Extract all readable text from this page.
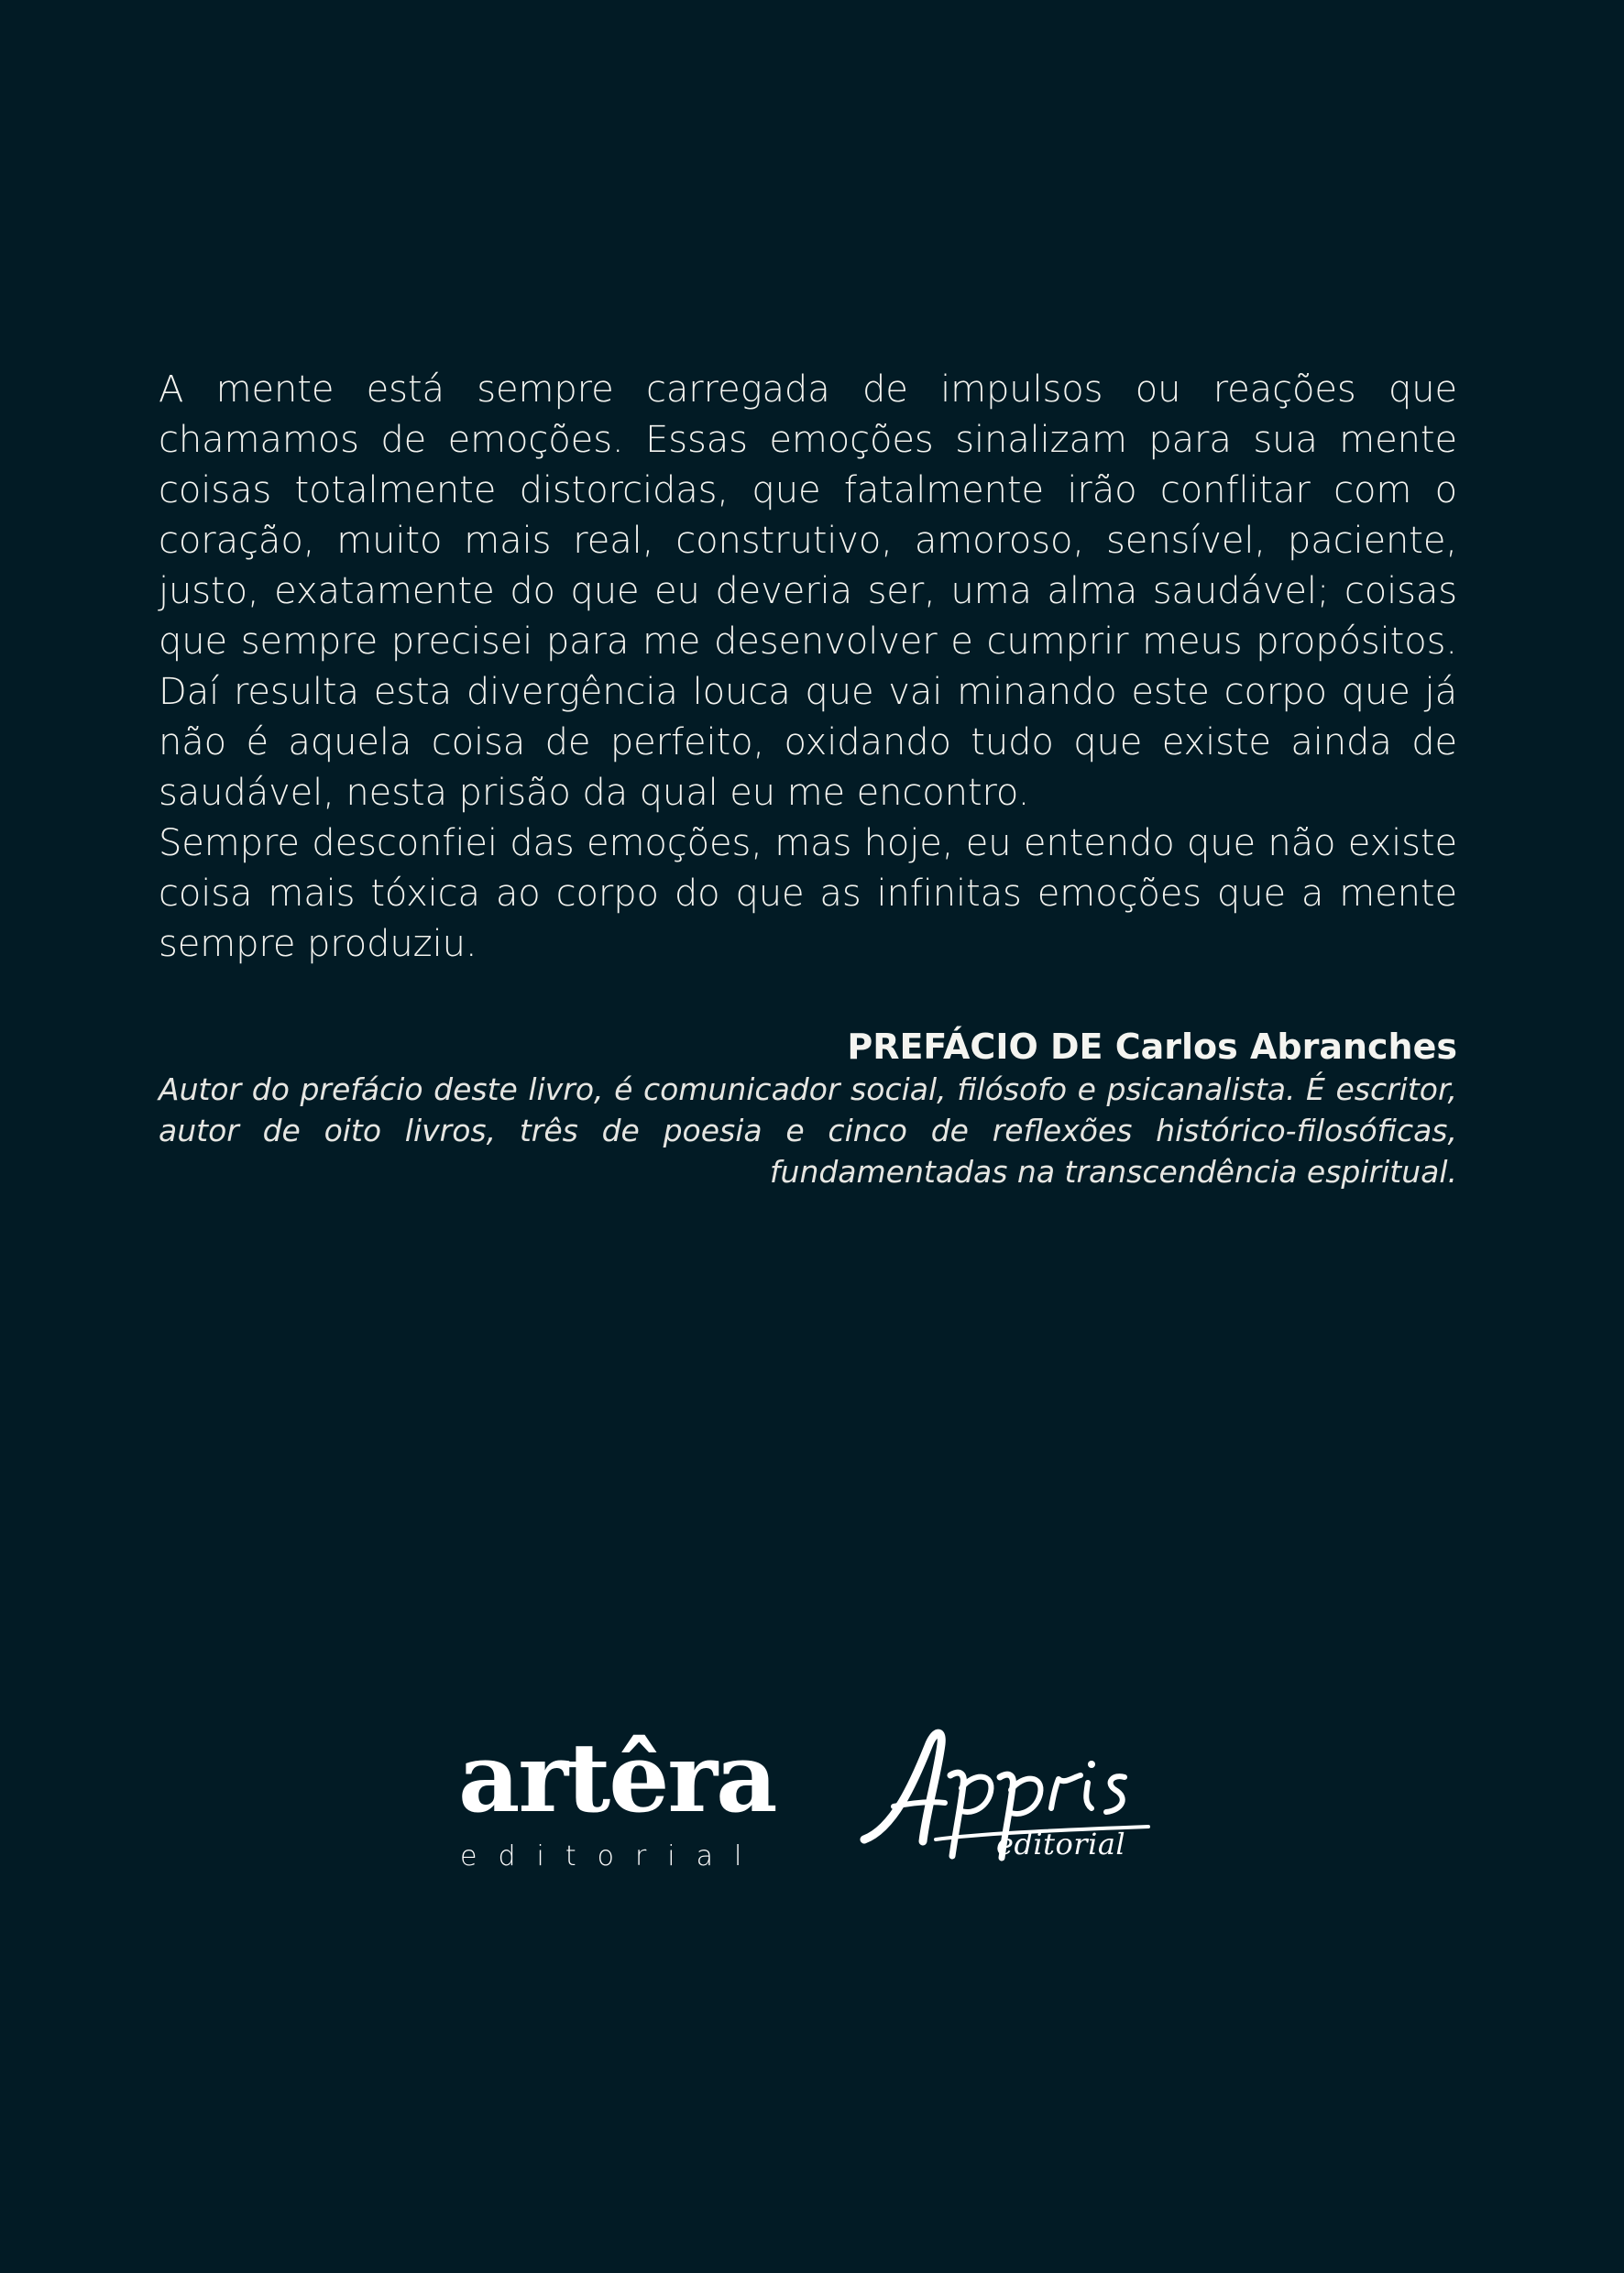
A mente está sempre carregada de impulsos ou reações que chamamos de emoções. Essas emoções sinalizam para sua mente coisas totalmente distorcidas, que fatalmente irão conflitar com o coração, muito mais real, construtivo, amoroso, sensível, paciente, justo, exatamente do que eu deveria ser, uma alma saudável; coisas que sempre precisei para me desenvolver e cumprir meus propósitos. Daí resulta esta divergência louca que vai minando este corpo que já não é aquela coisa de perfeito, oxidando tudo que existe ainda de saudável, nesta prisão da qual eu me encontro.

Sempre desconfiei das emoções, mas hoje, eu entendo que não existe coisa mais tóxica ao corpo do que as infinitas emoções que a mente sempre produziu.

PREFÁCIO DE Carlos Abranches

Autor do prefácio deste livro, é comunicador social, filósofo e psicanalista. É escritor, autor de oito livros, três de poesia e cinco de reflexões histórico-filosóficas, fundamentadas na transcendência espiritual.

artêra
editorial	editorial
